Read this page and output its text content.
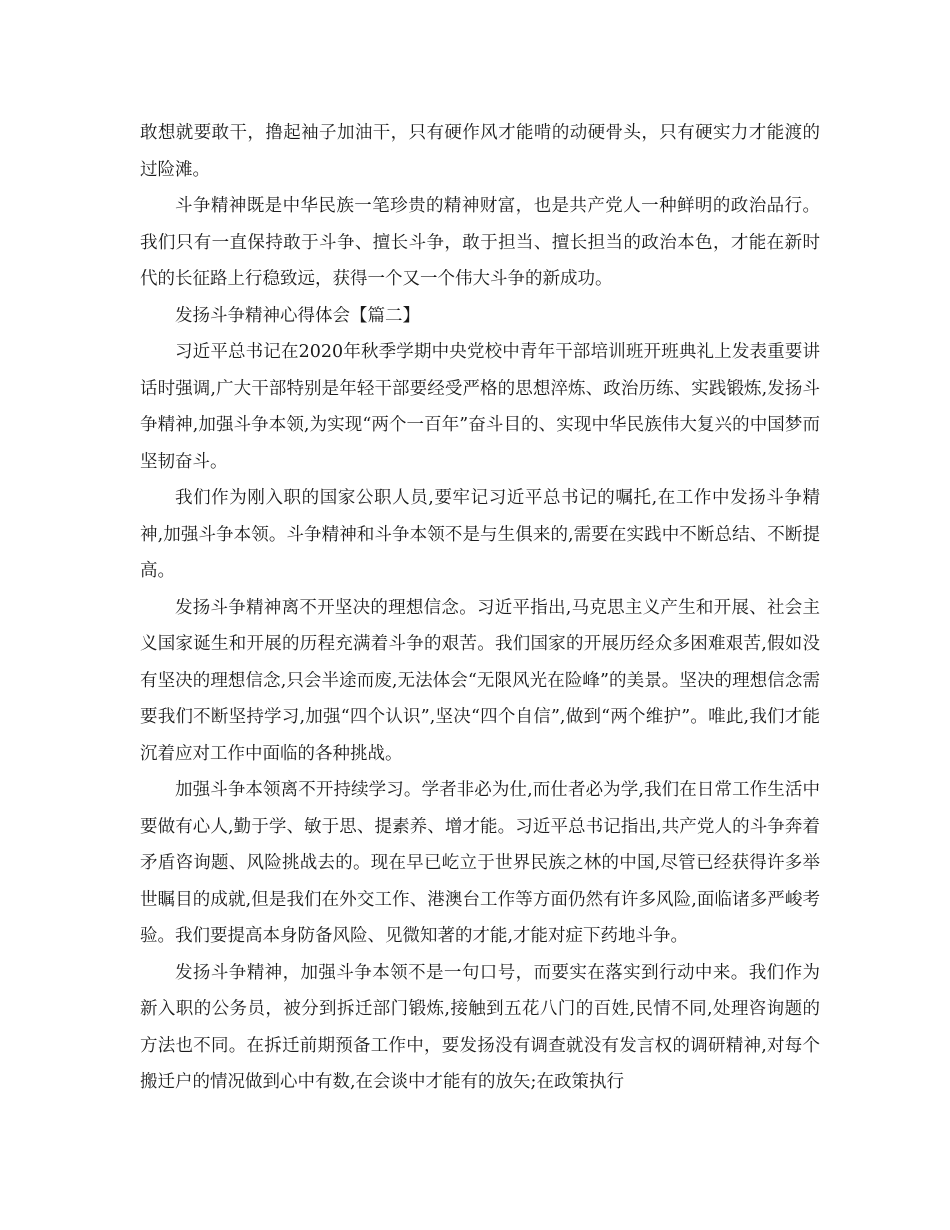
敢想就要敢干，撸起袖子加油干，只有硬作风才能啃的动硬骨头，只有硬实力才能渡的过险滩。

斗争精神既是中华民族一笔珍贵的精神财富，也是共产党人一种鲜明的政治品行。我们只有一直保持敢于斗争、擅长斗争，敢于担当、擅长担当的政治本色，才能在新时代的长征路上行稳致远，获得一个又一个伟大斗争的新成功。

发扬斗争精神心得体会【篇二】

习近平总书记在2020年秋季学期中央党校中青年干部培训班开班典礼上发表重要讲话时强调,广大干部特别是年轻干部要经受严格的思想淬炼、政治历练、实践锻炼,发扬斗争精神,加强斗争本领,为实现“两个一百年”奋斗目的、实现中华民族伟大复兴的中国梦而坚韧奋斗。

我们作为刚入职的国家公职人员,要牢记习近平总书记的嘱托,在工作中发扬斗争精神,加强斗争本领。斗争精神和斗争本领不是与生俱来的,需要在实践中不断总结、不断提高。

发扬斗争精神离不开坚决的理想信念。习近平指出,马克思主义产生和开展、社会主义国家诞生和开展的历程充满着斗争的艰苦。我们国家的开展历经众多困难艰苦,假如没有坚决的理想信念,只会半途而废,无法体会“无限风光在险峰”的美景。坚决的理想信念需要我们不断坚持学习,加强“四个认识”,坚决“四个自信”,做到“两个维护”。唯此,我们才能沉着应对工作中面临的各种挑战。

加强斗争本领离不开持续学习。学者非必为仕,而仕者必为学,我们在日常工作生活中要做有心人,勤于学、敏于思、提素养、增才能。习近平总书记指出,共产党人的斗争奔着矛盾咨询题、风险挑战去的。现在早已屹立于世界民族之林的中国,尽管已经获得许多举世瞩目的成就,但是我们在外交工作、港澳台工作等方面仍然有许多风险,面临诸多严峻考验。我们要提高本身防备风险、见微知著的才能,才能对症下药地斗争。

发扬斗争精神，加强斗争本领不是一句口号，而要实在落实到行动中来。我们作为新入职的公务员，被分到拆迁部门锻炼,接触到五花八门的百姓,民情不同,处理咨询题的方法也不同。在拆迁前期预备工作中，要发扬没有调查就没有发言权的调研精神,对每个搬迁户的情况做到心中有数,在会谈中才能有的放矢;在政策执行
